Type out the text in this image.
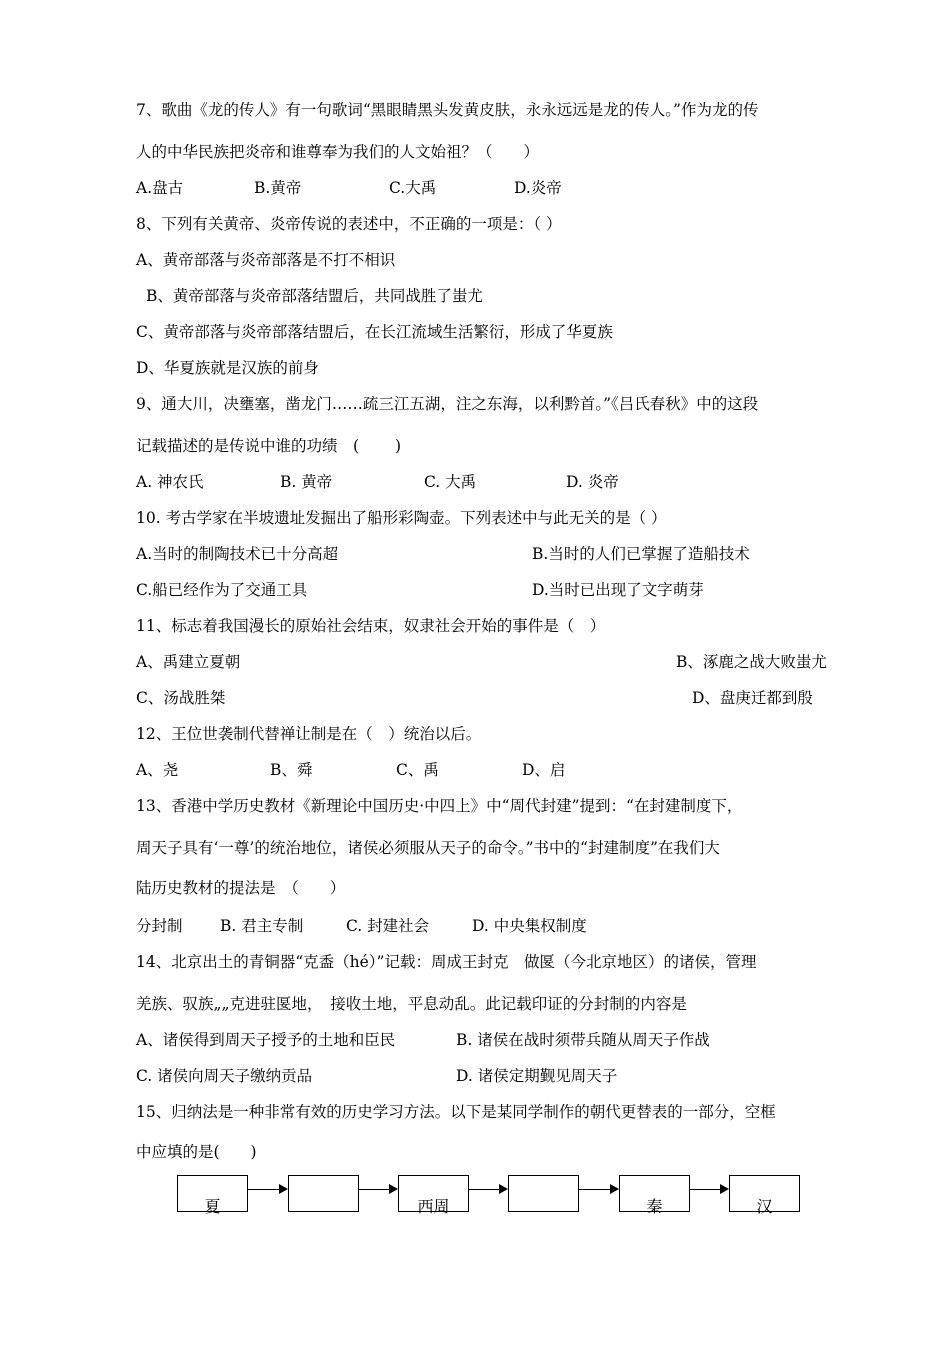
7、歌曲《龙的传人》有一句歌词“黑眼睛黑头发黄皮肤，永永远远是龙的传人。”作为龙的传
人的中华民族把炎帝和谁尊奉为我们的人文始祖？（　　）
A.盘古	B.黄帝	C.大禹	D.炎帝
8、下列有关黄帝、炎帝传说的表述中，不正确的一项是：（ ）
A、黄帝部落与炎帝部落是不打不相识
B、黄帝部落与炎帝部落结盟后，共同战胜了蚩尤
C、黄帝部落与炎帝部落结盟后，在长江流域生活繁衍，形成了华夏族
D、华夏族就是汉族的前身
9、通大川，决壅塞，凿龙门……疏三江五湖，注之东海，以利黔首。”《吕氏春秋》中的这段
记载描述的是传说中谁的功绩　(　　 )
A. 神农氏	B. 黄帝	C. 大禹	D. 炎帝
10. 考古学家在半坡遗址发掘出了船形彩陶壶。下列表述中与此无关的是（ ）
A.当时的制陶技术已十分高超	B.当时的人们已掌握了造船技术
C.船已经作为了交通工具	D.当时已出现了文字萌芽
11、标志着我国漫长的原始社会结束，奴隶社会开始的事件是（　）
A、禹建立夏朝	B、涿鹿之战大败蚩尤
C、汤战胜桀	D、盘庚迁都到殷
12、王位世袭制代替禅让制是在（　）统治以后。
A、尧	B、舜	C、禹	D、启
13、香港中学历史教材《新理论中国历史·中四上》中“周代封建”提到：“在封建制度下，
周天子具有‘一尊’的统治地位，诸侯必须服从天子的命令。”书中的“封建制度”在我们大
陆历史教材的提法是　（　　）
分封制 B. 君主专制	C. 封建社会	D. 中央集权制度
14、北京出土的青铜器“克盉（hé）”记载：周成王封克　做匽（今北京地区）的诸侯，管理
羌族、驭族„„克进驻匽地，　接收土地，平息动乱。此记载印证的分封制的内容是
A、诸侯得到周天子授予的土地和臣民	B. 诸侯在战时须带兵随从周天子作战
C. 诸侯向周天子缴纳贡品	D. 诸侯定期觐见周天子
15、归纳法是一种非常有效的历史学习方法。以下是某同学制作的朝代更替表的一部分，空框
中应填的是(　　)
夏	西周	秦	汉
